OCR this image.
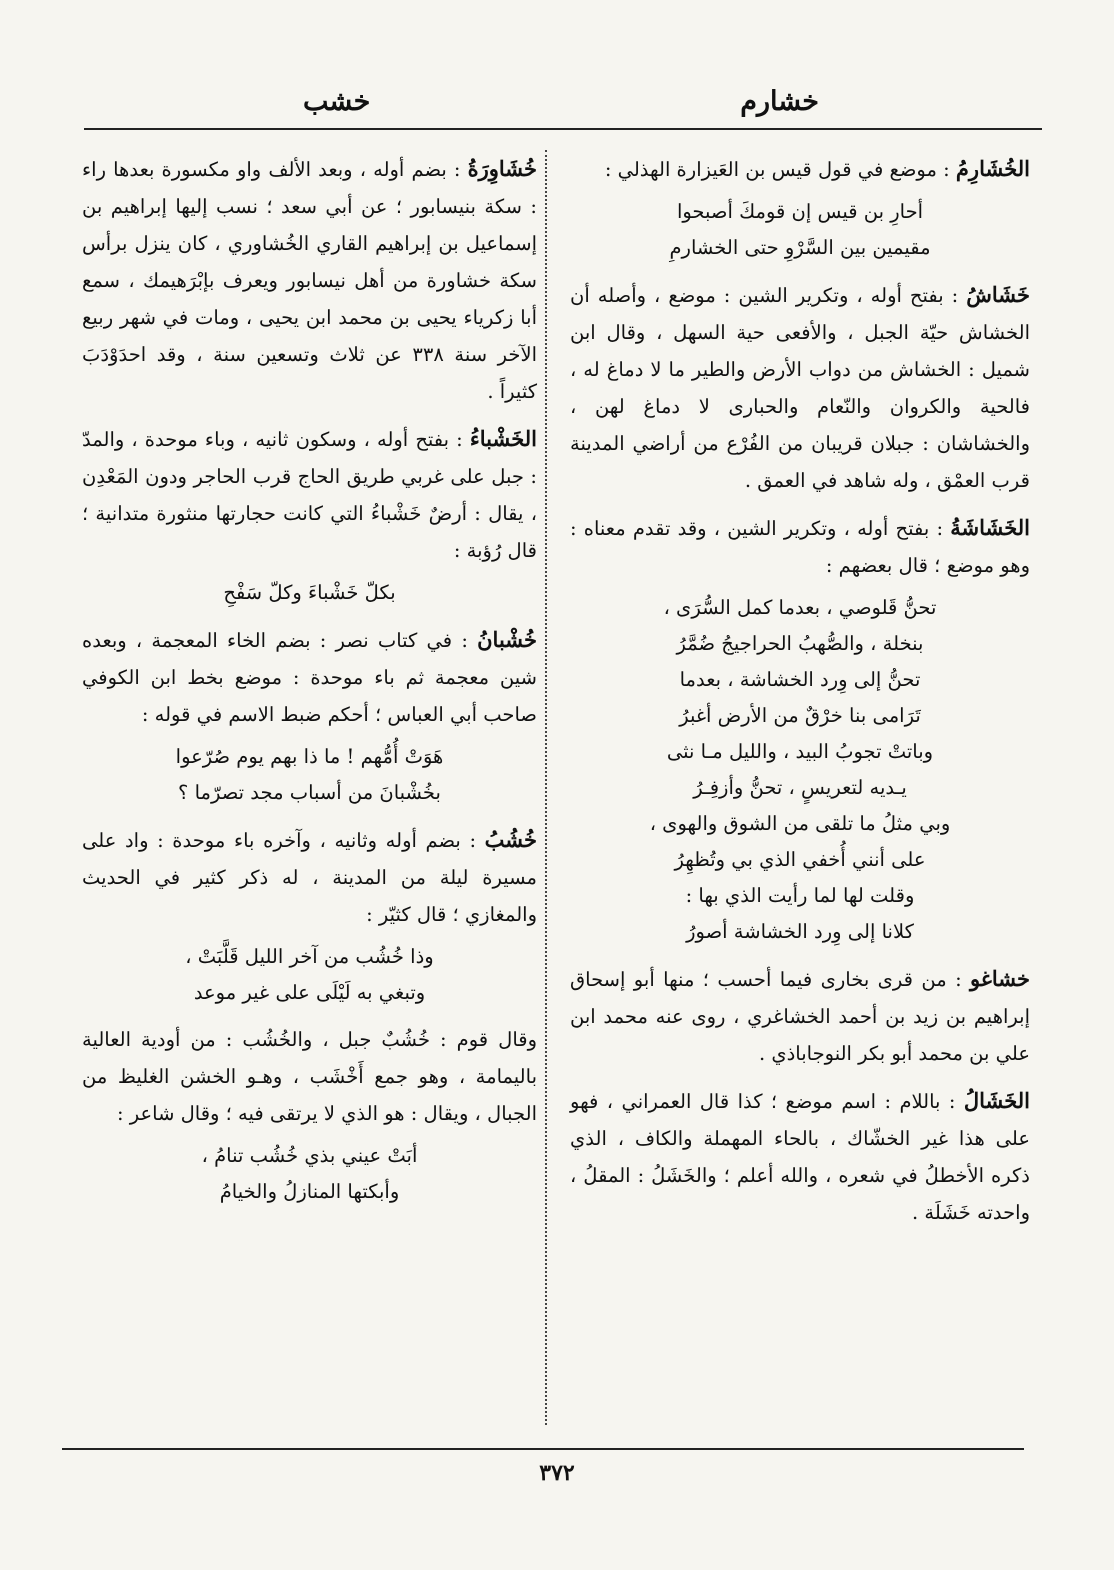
خشارم
خشب

الخُشَارِمُ : موضع في قول قيس بن العَيزارة الهذلي :

أحارِ بن قيس إن قومكَ أصبحوا
مقيمين بين السَّرْوِ حتى الخشارمِ

خَشَاشُ : بفتح أوله ، وتكرير الشين : موضع ، وأصله أن الخشاش حيّة الجبل ، والأفعى حية السهل ، وقال ابن شميل : الخشاش من دواب الأرض والطير ما لا دماغ له ، فالحية والكروان والنّعام والحبارى لا دماغ لهن ، والخشاشان : جبلان قريبان من الفُرْع من أراضي المدينة قرب العمْق ، وله شاهد في العمق .

الخَشَاشَةُ : بفتح أوله ، وتكرير الشين ، وقد تقدم معناه : وهو موضع ؛ قال بعضهم :

تحنُّ قَلوصي ، بعدما كمل السُّرَى ،
بنخلة ، والصُّهبُ الحراجيجُ ضُمَّرُ
تحنُّ إلى وِرد الخشاشة ، بعدما
تَرَامى بنا خرْقٌ من الأرض أغبرُ
وباتتْ تجوبُ البيد ، والليل مـا نثى
يـديه لتعريسٍ ، تحنُّ وأزفِـرُ
وبي مثلُ ما تلقى من الشوق والهوى ،
على أنني أُخفي الذي بي وتُظهِرُ
وقلت لها لما رأيت الذي بها :
كلانا إلى وِرد الخشاشة أصورُ

خشاغو : من قرى بخارى فيما أحسب ؛ منها أبو إسحاق إبراهيم بن زيد بن أحمد الخشاغري ، روى عنه محمد ابن علي بن محمد أبو بكر النوجاباذي .

الخَشَالُ : باللام : اسم موضع ؛ كذا قال العمراني ، فهو على هذا غير الخشّاك ، بالحاء المهملة والكاف ، الذي ذكره الأخطلُ في شعره ، والله أعلم ؛ والخَشَلُ : المقلُ ، واحدته خَشَلَة .

خُشَاوِرَةُ : بضم أوله ، وبعد الألف واو مكسورة بعدها راء : سكة بنيسابور ؛ عن أبي سعد ؛ نسب إليها إبراهيم بن إسماعيل بن إبراهيم القاري الخُشاوري ، كان ينزل برأس سكة خشاورة من أهل نيسابور ويعرف بإبْرَهيمك ، سمع أبا زكرياء يحيى بن محمد ابن يحيى ، ومات في شهر ربيع الآخر سنة ٣٣٨ عن ثلاث وتسعين سنة ، وقد احدَوْدَبَ كثيراً .

الخَشْباءُ : بفتح أوله ، وسكون ثانيه ، وباء موحدة ، والمدّ : جبل على غربي طريق الحاج قرب الحاجر ودون المَعْدِن ، يقال : أرضٌ خَشْباءُ التي كانت حجارتها منثورة متدانية ؛ قال رُؤبة :

بكلّ خَشْباءَ وكلّ سَفْحِ

خُشْبانُ : في كتاب نصر : بضم الخاء المعجمة ، وبعده شين معجمة ثم باء موحدة : موضع بخط ابن الكوفي صاحب أبي العباس ؛ أحكم ضبط الاسم في قوله :

هَوَتْ أُمُّهم ! ما ذا بهم يوم صُرّعوا
بخُشْبانَ من أسباب مجد تصرّما ؟

خُشُبُ : بضم أوله وثانيه ، وآخره باء موحدة : واد على مسيرة ليلة من المدينة ، له ذكر كثير في الحديث والمغازي ؛ قال كثيّر :

وذا خُشُب من آخر الليل قَلَّبَتْ ،
وتبغي به لَيْلَى على غير موعد

وقال قوم : خُشُبٌ جبل ، والخُشُب : من أودية العالية باليمامة ، وهو جمع أَخْشَب ، وهـو الخشن الغليظ من الجبال ، ويقال : هو الذي لا يرتقى فيه ؛ وقال شاعر :

أبَتْ عيني بذي خُشُب تنامُ ،
وأبكتها المنازلُ والخيامُ
٣٧٢
